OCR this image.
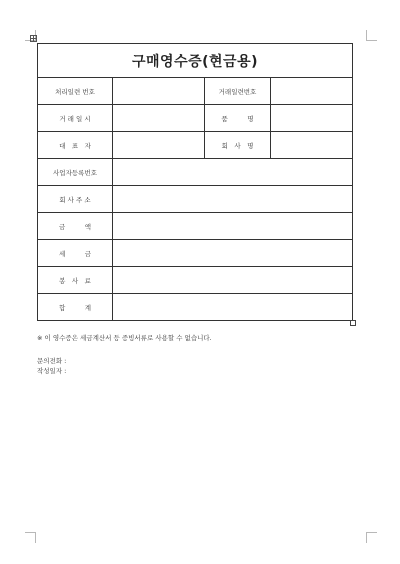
구매영수증(현금용)
처리일련 번호	거래일련번호
거 래 일 시	품　　　명
대　표　자	회　사　명
사업자등록번호
회 사 주 소
금　　　액
세　　　금
봉　사　료
합　　　계
※ 이 영수증은 세금계산서 등 증빙서류로 사용할 수 없습니다.
문의전화 :
작성일자 :
